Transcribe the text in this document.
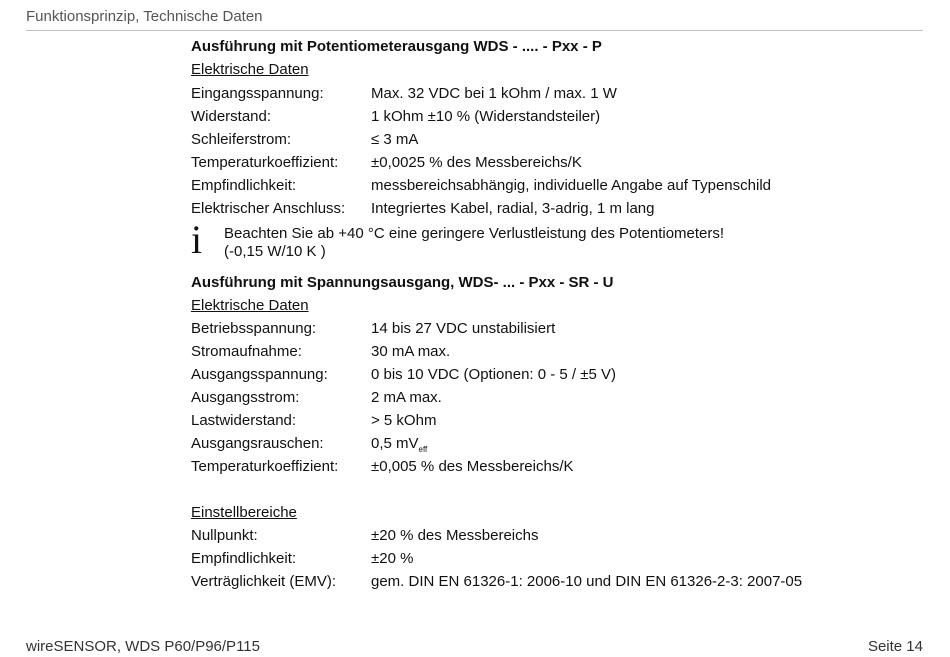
Funktionsprinzip, Technische Daten
Ausführung mit Potentiometerausgang WDS - .... - Pxx - P
Elektrische Daten
Eingangsspannung:	Max. 32 VDC bei 1 kOhm / max. 1 W
Widerstand:	1 kOhm ±10 % (Widerstandsteiler)
Schleiferstrom:	≤ 3 mA
Temperaturkoeffizient: ±0,0025 % des Messbereichs/K
Empfindlichkeit:	messbereichsabhängig, individuelle Angabe auf Typenschild
Elektrischer Anschluss: Integriertes Kabel, radial, 3-adrig, 1 m lang
i Beachten Sie ab +40 °C eine geringere Verlustleistung des Potentiometers!
(-0,15 W/10 K )
Ausführung mit Spannungsausgang, WDS- ... - Pxx - SR - U
Elektrische Daten
Betriebsspannung:	14 bis 27 VDC unstabilisiert
Stromaufnahme:	30 mA max.
Ausgangsspannung:	0 bis 10 VDC (Optionen: 0 - 5 / ±5 V)
Ausgangsstrom:	2 mA max.
Lastwiderstand:	> 5 kOhm
Ausgangsrauschen:	0,5 $mV_{eff}$
Temperaturkoeffizient: ±0,005 % des Messbereichs/K
Einstellbereiche
Nullpunkt:	±20 % des Messbereichs
Empfindlichkeit:	±20 %
Verträglichkeit (EMV): gem. DIN EN 61326-1: 2006-10 und DIN EN 61326-2-3: 2007-05
wireSENSOR, WDS P60/P96/P115	Seite 14
